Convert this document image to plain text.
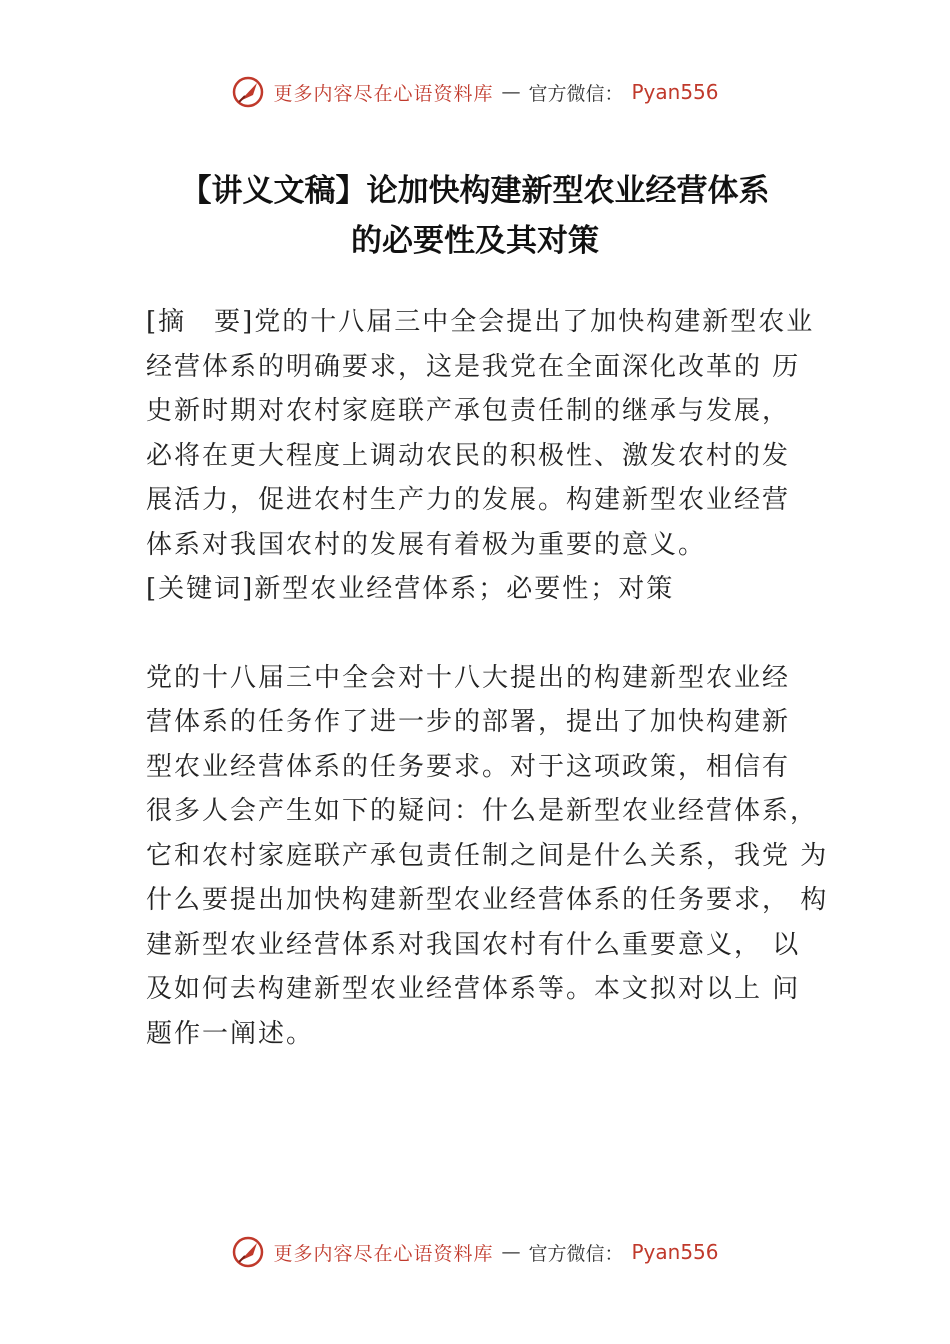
更多内容尽在心语资料库 — 官方微信： Pyan556
【讲义文稿】论加快构建新型农业经营体系
的必要性及其对策
[摘　要]党的十八届三中全会提出了加快构建新型农业
经营体系的明确要求，这是我党在全面深化改革的 历
史新时期对农村家庭联产承包责任制的继承与发展，
必将在更大程度上调动农民的积极性、激发农村的发
展活力，促进农村生产力的发展。构建新型农业经营
体系对我国农村的发展有着极为重要的意义。
[关键词]新型农业经营体系；必要性；对策
党的十八届三中全会对十八大提出的构建新型农业经
营体系的任务作了进一步的部署，提出了加快构建新
型农业经营体系的任务要求。对于这项政策，相信有
很多人会产生如下的疑问：什么是新型农业经营体系，
它和农村家庭联产承包责任制之间是什么关系，我党 为
什么要提出加快构建新型农业经营体系的任务要求， 构
建新型农业经营体系对我国农村有什么重要意义， 以
及如何去构建新型农业经营体系等。本文拟对以上 问
题作一阐述。
更多内容尽在心语资料库 — 官方微信： Pyan556
